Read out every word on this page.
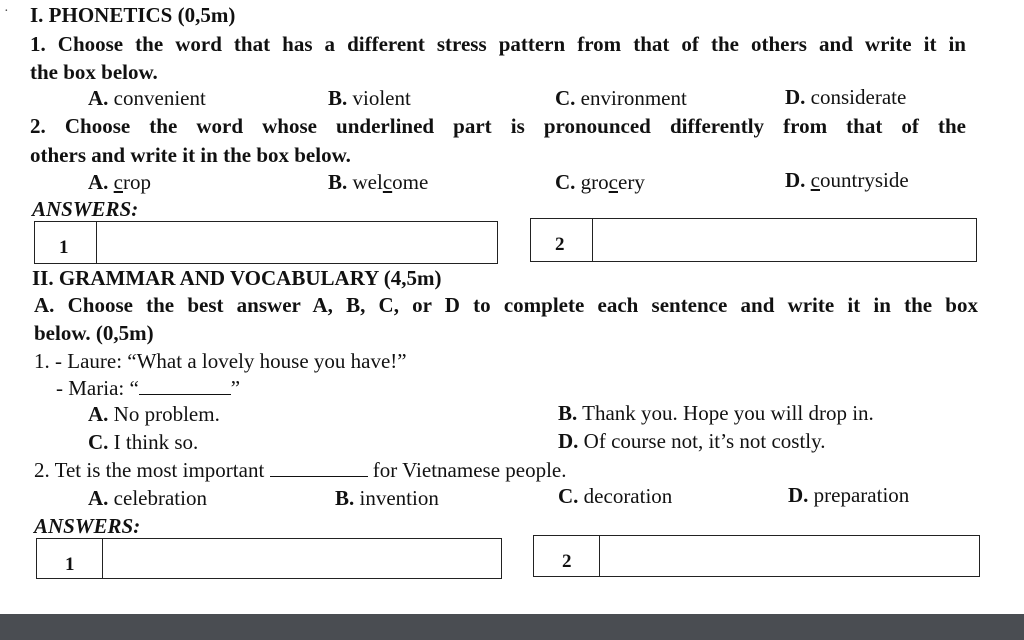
· I. PHONETICS (0,5m)
1. Choose the word that has a different stress pattern from that of the others and write it in
the box below.
A. convenient	B. violent	C. environment	D. considerate
2. Choose the word whose underlined part is pronounced differently from that of the
others and write it in the box below.
A. crop	B. welcome	C. grocery	D. countryside
ANSWERS:
1	2
II. GRAMMAR AND VOCABULARY (4,5m)
A. Choose the best answer A, B, C, or D to complete each sentence and write it in the box
below. (0,5m)
1. - Laure: “What a lovely house you have!”
- Maria: “	”
A. No problem.	B. Thank you. Hope you will drop in.
C. I think so.	D. Of course not, it’s not costly.
2. Tet is the most important	for Vietnamese people.
A. celebration	B. invention	C. decoration	D. preparation
ANSWERS:
1	2
